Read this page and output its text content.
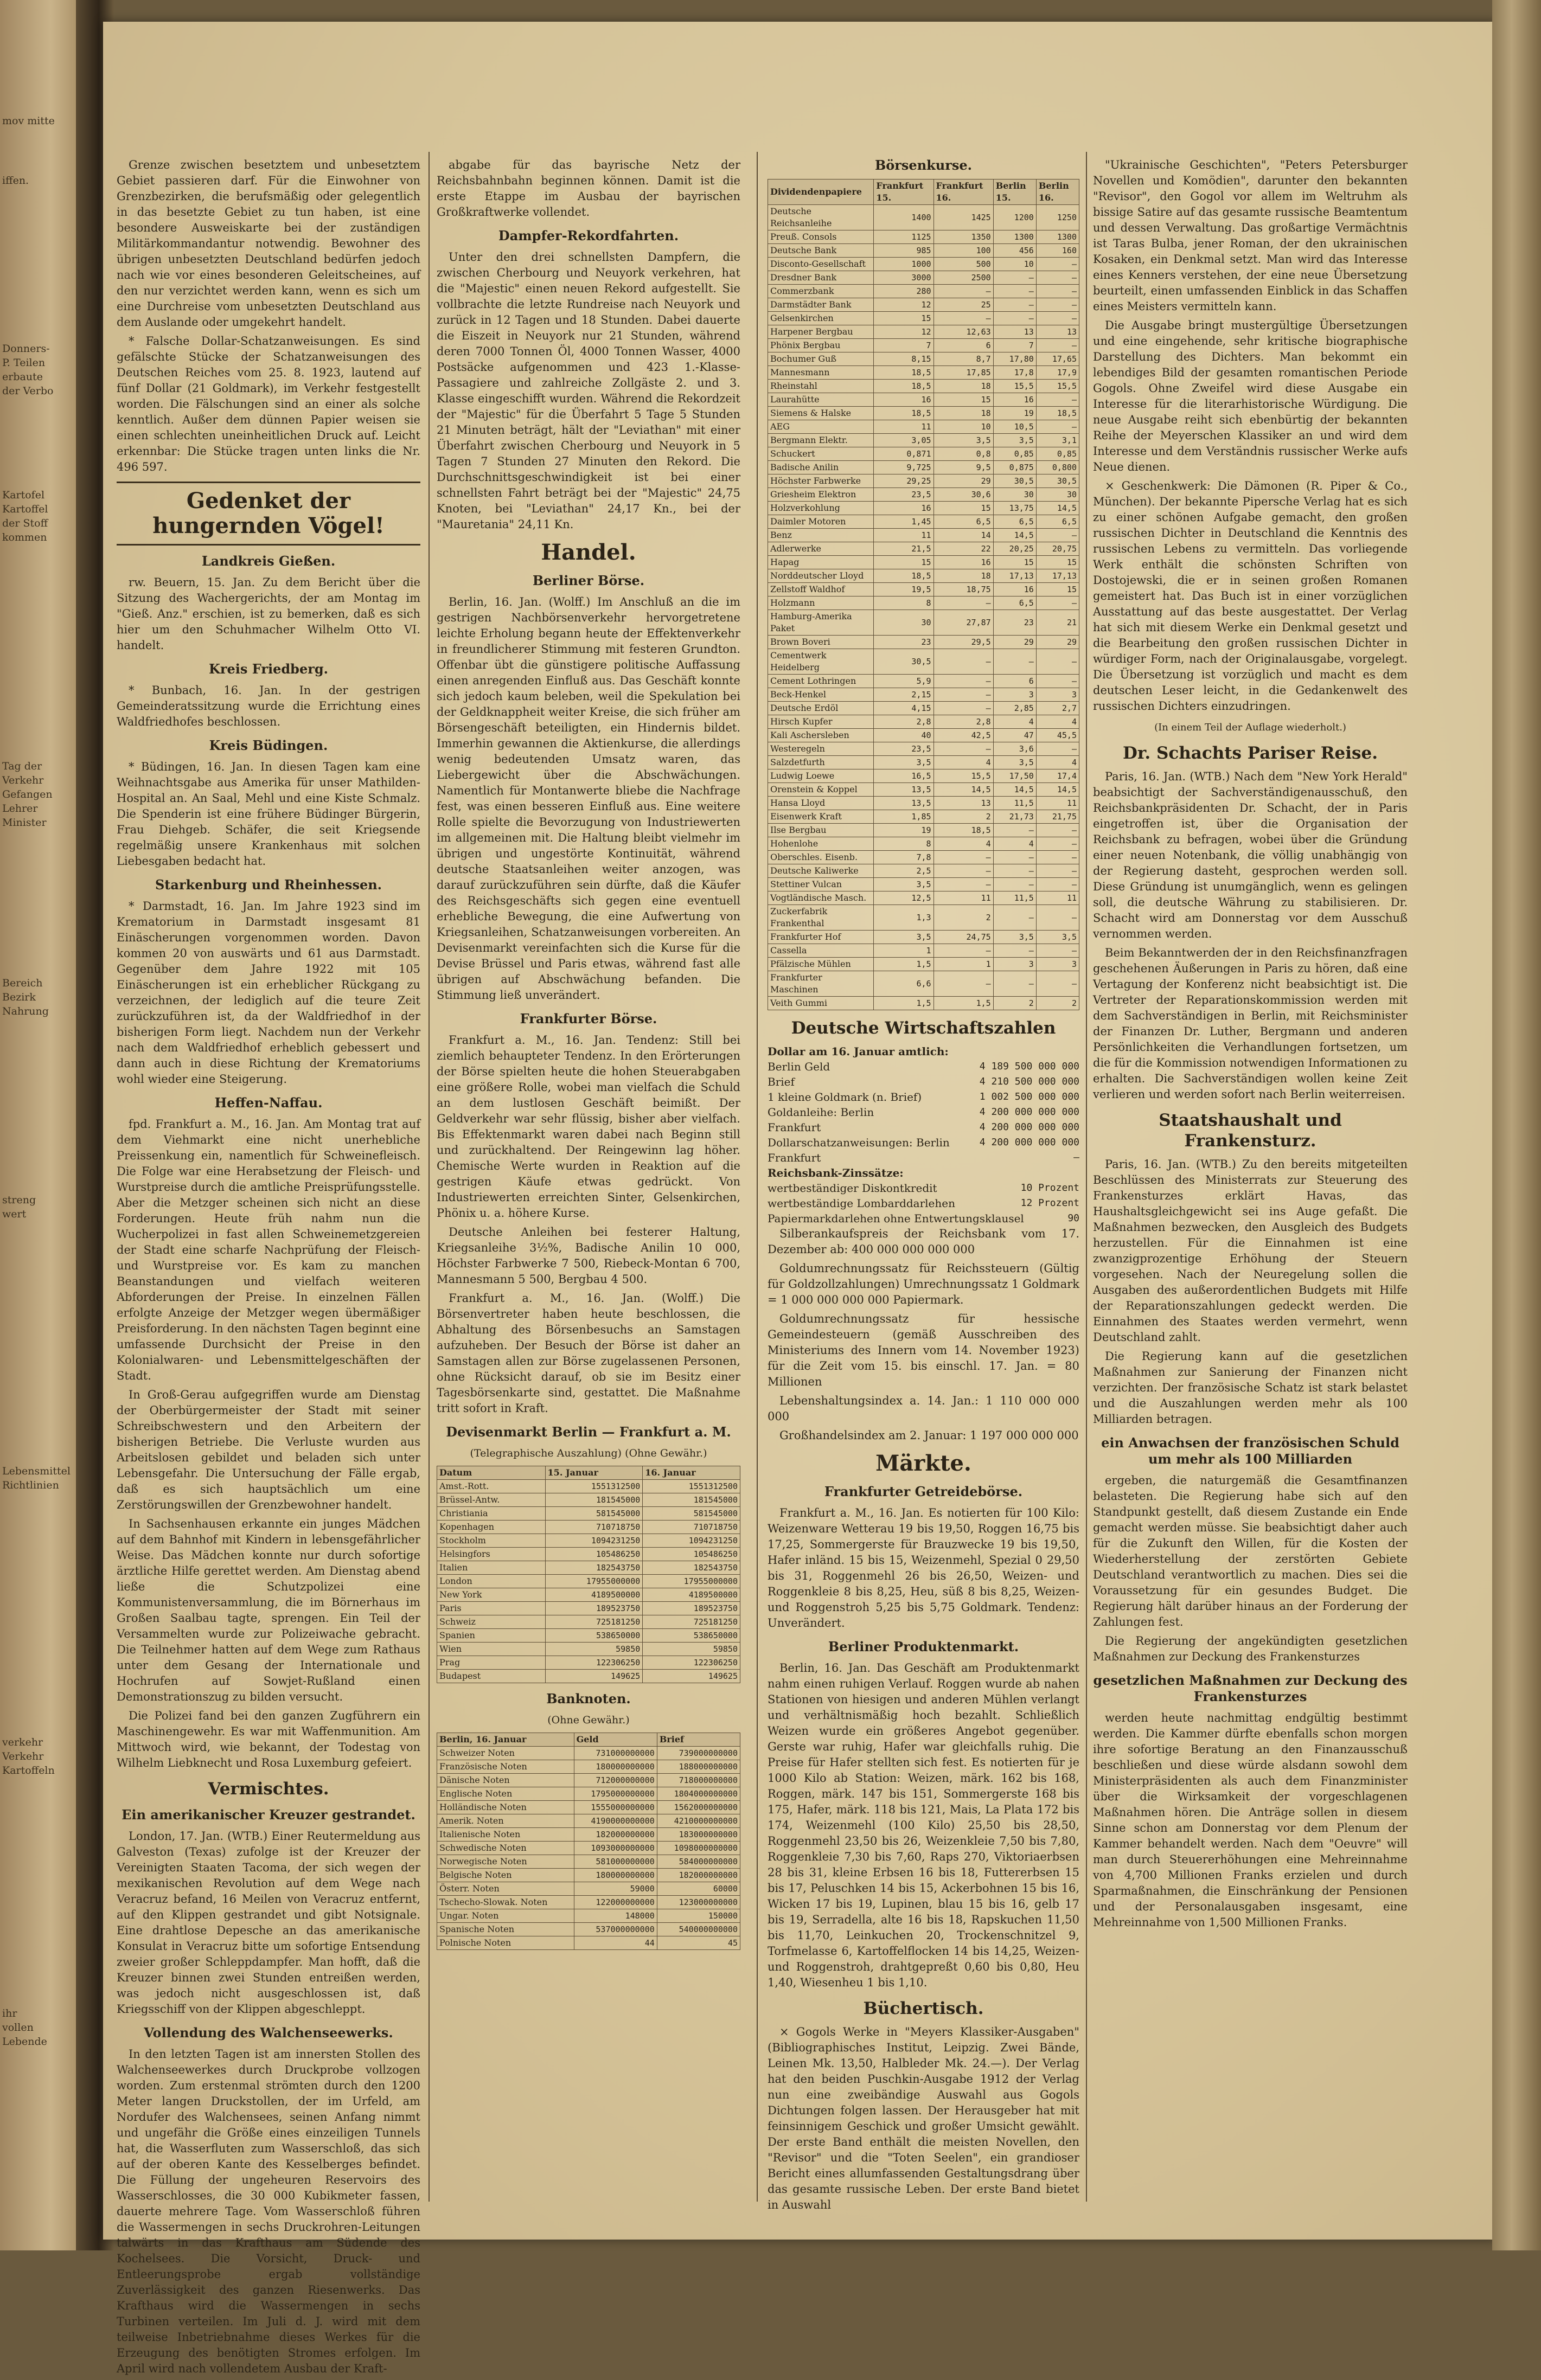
mov mitte
iffen.
Donners-
P. Teilen
erbaute
der Verbo
Kartofel
Kartoffel
der Stoff
kommen
Tag der Verkehr
Gefangen
Lehrer
Minister
Bereich
Bezirk
Nahrung
streng
wert
Lebensmittel
Richtlinien
verkehr
Verkehr
Kartoffeln
ihr
vollen
Lebende

Grenze zwischen besetztem und unbesetztem Gebiet passieren darf. Für die Einwohner von Grenzbezirken, die berufsmäßig oder gelegentlich in das besetzte Gebiet zu tun haben, ist eine besondere Ausweiskarte bei der zuständigen Militärkommandantur notwendig. Bewohner des übrigen unbesetzten Deutschland bedürfen jedoch nach wie vor eines besonderen Geleitscheines, auf den nur verzichtet werden kann, wenn es sich um eine Durchreise vom unbesetzten Deutschland aus dem Auslande oder umgekehrt handelt.

* Falsche Dollar-Schatzanweisungen. Es sind gefälschte Stücke der Schatzanweisungen des Deutschen Reiches vom 25. 8. 1923, lautend auf fünf Dollar (21 Goldmark), im Verkehr festgestellt worden. Die Fälschungen sind an einer als solche kenntlich. Außer dem dünnen Papier weisen sie einen schlechten uneinheitlichen Druck auf. Leicht erkennbar: Die Stücke tragen unten links die Nr. 496 597.

Gedenket der hungernden Vögel!
Landkreis Gießen.

rw. Beuern, 15. Jan. Zu dem Bericht über die Sitzung des Wachergerichts, der am Montag im "Gieß. Anz." erschien, ist zu bemerken, daß es sich hier um den Schuhmacher Wilhelm Otto VI. handelt.

Kreis Friedberg.

* Bunbach, 16. Jan. In der gestrigen Gemeinderatssitzung wurde die Errichtung eines Waldfriedhofes beschlossen.

Kreis Büdingen.

* Büdingen, 16. Jan. In diesen Tagen kam eine Weihnachtsgabe aus Amerika für unser Mathilden-Hospital an. An Saal, Mehl und eine Kiste Schmalz. Die Spenderin ist eine frühere Büdinger Bürgerin, Frau Diehgeb. Schäfer, die seit Kriegsende regelmäßig unsere Krankenhaus mit solchen Liebesgaben bedacht hat.

Starkenburg und Rheinhessen.

* Darmstadt, 16. Jan. Im Jahre 1923 sind im Krematorium in Darmstadt insgesamt 81 Einäscherungen vorgenommen worden. Davon kommen 20 von auswärts und 61 aus Darmstadt. Gegenüber dem Jahre 1922 mit 105 Einäscherungen ist ein erheblicher Rückgang zu verzeichnen, der lediglich auf die teure Zeit zurückzuführen ist, da der Waldfriedhof in der bisherigen Form liegt. Nachdem nun der Verkehr nach dem Waldfriedhof erheblich gebessert und dann auch in diese Richtung der Krematoriums wohl wieder eine Steigerung.

Heffen-Naffau.

fpd. Frankfurt a. M., 16. Jan. Am Montag trat auf dem Viehmarkt eine nicht unerhebliche Preissenkung ein, namentlich für Schweinefleisch. Die Folge war eine Herabsetzung der Fleisch- und Wurstpreise durch die amtliche Preisprüfungsstelle. Aber die Metzger scheinen sich nicht an diese Forderungen. Heute früh nahm nun die Wucherpolizei in fast allen Schweinemetzgereien der Stadt eine scharfe Nachprüfung der Fleisch- und Wurstpreise vor. Es kam zu manchen Beanstandungen und vielfach weiteren Abforderungen der Preise. In einzelnen Fällen erfolgte Anzeige der Metzger wegen übermäßiger Preisforderung. In den nächsten Tagen beginnt eine umfassende Durchsicht der Preise in den Kolonialwaren- und Lebensmittelgeschäften der Stadt.

In Groß-Gerau aufgegriffen wurde am Dienstag der Oberbürgermeister der Stadt mit seiner Schreibschwestern und den Arbeitern der bisherigen Betriebe. Die Verluste wurden aus Arbeitslosen gebildet und beladen sich unter Lebensgefahr. Die Untersuchung der Fälle ergab, daß es sich hauptsächlich um eine Zerstörungswillen der Grenzbewohner handelt.

In Sachsenhausen erkannte ein junges Mädchen auf dem Bahnhof mit Kindern in lebensgefährlicher Weise. Das Mädchen konnte nur durch sofortige ärztliche Hilfe gerettet werden. Am Dienstag abend ließe die Schutzpolizei eine Kommunistenversammlung, die im Börnerhaus im Großen Saalbau tagte, sprengen. Ein Teil der Versammelten wurde zur Polizeiwache gebracht. Die Teilnehmer hatten auf dem Wege zum Rathaus unter dem Gesang der Internationale und Hochrufen auf Sowjet-Rußland einen Demonstrationszug zu bilden versucht.

Die Polizei fand bei den ganzen Zugführern ein Maschinengewehr. Es war mit Waffenmunition. Am Mittwoch wird, wie bekannt, der Todestag von Wilhelm Liebknecht und Rosa Luxemburg gefeiert.

Vermischtes.
Ein amerikanischer Kreuzer gestrandet.

London, 17. Jan. (WTB.) Einer Reutermeldung aus Galveston (Texas) zufolge ist der Kreuzer der Vereinigten Staaten Tacoma, der sich wegen der mexikanischen Revolution auf dem Wege nach Veracruz befand, 16 Meilen von Veracruz entfernt, auf den Klippen gestrandet und gibt Notsignale. Eine drahtlose Depesche an das amerikanische Konsulat in Veracruz bitte um sofortige Entsendung zweier großer Schleppdampfer. Man hofft, daß die Kreuzer binnen zwei Stunden entreißen werden, was jedoch nicht ausgeschlossen ist, daß Kriegsschiff von der Klippen abgeschleppt.

Vollendung des Walchenseewerks.

In den letzten Tagen ist am innersten Stollen des Walchenseewerkes durch Druckprobe vollzogen worden. Zum erstenmal strömten durch den 1200 Meter langen Druckstollen, der im Urfeld, am Nordufer des Walchensees, seinen Anfang nimmt und ungefähr die Größe eines einzeiligen Tunnels hat, die Wasserfluten zum Wasserschloß, das sich auf der oberen Kante des Kesselberges befindet. Die Füllung der ungeheuren Reservoirs des Wasserschlosses, die 30 000 Kubikmeter fassen, dauerte mehrere Tage. Vom Wasserschloß führen die Wassermengen in sechs Druckrohren-Leitungen talwärts in das Krafthaus am Südende des Kochelsees. Die Vorsicht, Druck- und Entleerungsprobe ergab vollständige Zuverlässigkeit des ganzen Riesenwerks. Das Krafthaus wird die Wassermengen in sechs Turbinen verteilen. Im Juli d. J. wird mit dem teilweise Inbetriebnahme dieses Werkes für die Erzeugung des benötigten Stromes erfolgen. Im April wird nach vollendetem Ausbau der Kraft-

abgabe für das bayrische Netz der Reichsbahnbahn beginnen können. Damit ist die erste Etappe im Ausbau der bayrischen Großkraftwerke vollendet.

Dampfer-Rekordfahrten.

Unter den drei schnellsten Dampfern, die zwischen Cherbourg und Neuyork verkehren, hat die "Majestic" einen neuen Rekord aufgestellt. Sie vollbrachte die letzte Rundreise nach Neuyork und zurück in 12 Tagen und 18 Stunden. Dabei dauerte die Eiszeit in Neuyork nur 21 Stunden, während deren 7000 Tonnen Öl, 4000 Tonnen Wasser, 4000 Postsäcke aufgenommen und 423 1.-Klasse-Passagiere und zahlreiche Zollgäste 2. und 3. Klasse eingeschifft wurden. Während die Rekordzeit der "Majestic" für die Überfahrt 5 Tage 5 Stunden 21 Minuten beträgt, hält der "Leviathan" mit einer Überfahrt zwischen Cherbourg und Neuyork in 5 Tagen 7 Stunden 27 Minuten den Rekord. Die Durchschnittsgeschwindigkeit ist bei einer schnellsten Fahrt beträgt bei der "Majestic" 24,75 Knoten, bei "Leviathan" 24,17 Kn., bei der "Mauretania" 24,11 Kn.

Handel.
Berliner Börse.

Berlin, 16. Jan. (Wolff.) Im Anschluß an die im gestrigen Nachbörsenverkehr hervorgetretene leichte Erholung begann heute der Effektenverkehr in freundlicherer Stimmung mit festeren Grundton. Offenbar übt die günstigere politische Auffassung einen anregenden Einfluß aus. Das Geschäft konnte sich jedoch kaum beleben, weil die Spekulation bei der Geldknappheit weiter Kreise, die sich früher am Börsengeschäft beteiligten, ein Hindernis bildet. Immerhin gewannen die Aktienkurse, die allerdings wenig bedeutenden Umsatz waren, das Liebergewicht über die Abschwächungen. Namentlich für Montanwerte bliebe die Nachfrage fest, was einen besseren Einfluß aus. Eine weitere Rolle spielte die Bevorzugung von Industriewerten im allgemeinen mit. Die Haltung bleibt vielmehr im übrigen und ungestörte Kontinuität, während deutsche Staatsanleihen weiter anzogen, was darauf zurückzuführen sein dürfte, daß die Käufer des Reichsgeschäfts sich gegen eine eventuell erhebliche Bewegung, die eine Aufwertung von Kriegsanleihen, Schatzanweisungen vorbereiten. An Devisenmarkt vereinfachten sich die Kurse für die Devise Brüssel und Paris etwas, während fast alle übrigen auf Abschwächung befanden. Die Stimmung ließ unverändert.

Frankfurter Börse.

Frankfurt a. M., 16. Jan. Tendenz: Still bei ziemlich behaupteter Tendenz. In den Erörterungen der Börse spielten heute die hohen Steuerabgaben eine größere Rolle, wobei man vielfach die Schuld an dem lustlosen Geschäft beimißt. Der Geldverkehr war sehr flüssig, bisher aber vielfach. Bis Effektenmarkt waren dabei nach Beginn still und zurückhaltend. Der Reingewinn lag höher. Chemische Werte wurden in Reaktion auf die gestrigen Käufe etwas gedrückt. Von Industriewerten erreichten Sinter, Gelsenkirchen, Phönix u. a. höhere Kurse.

Deutsche Anleihen bei festerer Haltung, Kriegsanleihe 3½%, Badische Anilin 10 000, Höchster Farbwerke 7 500, Riebeck-Montan 6 700, Mannesmann 5 500, Bergbau 4 500.

Frankfurt a. M., 16. Jan. (Wolff.) Die Börsenvertreter haben heute beschlossen, die Abhaltung des Börsenbesuchs an Samstagen aufzuheben. Der Besuch der Börse ist daher an Samstagen allen zur Börse zugelassenen Personen, ohne Rücksicht darauf, ob sie im Besitz einer Tagesbörsenkarte sind, gestattet. Die Maßnahme tritt sofort in Kraft.

Devisenmarkt Berlin — Frankfurt a. M.
(Telegraphische Auszahlung) (Ohne Gewähr.)
Datum	15. Januar	16. Januar
Amst.-Rott.	1551312500	1551312500
Brüssel-Antw.	181545000	181545000
Christiania	581545000	581545000
Kopenhagen	710718750	710718750
Stockholm	1094231250	1094231250
Helsingfors	105486250	105486250
Italien	182543750	182543750
London	17955000000	17955000000
New York	4189500000	4189500000
Paris	189523750	189523750
Schweiz	725181250	725181250
Spanien	538650000	538650000
Wien	59850	59850
Prag	122306250	122306250
Budapest	149625	149625
Banknoten.
(Ohne Gewähr.)
Berlin, 16. Januar	Geld	Brief
Schweizer Noten	731000000000	739000000000
Französische Noten	180000000000	188000000000
Dänische Noten	712000000000	718000000000
Englische Noten	1795000000000	1804000000000
Holländische Noten	1555000000000	1562000000000
Amerik. Noten	4190000000000	4210000000000
Italienische Noten	182000000000	183000000000
Schwedische Noten	1093000000000	1098000000000
Norwegische Noten	581000000000	584000000000
Belgische Noten	180000000000	182000000000
Österr. Noten	59000	60000
Tschecho-Slowak. Noten	122000000000	123000000000
Ungar. Noten	148000	150000
Spanische Noten	537000000000	540000000000
Polnische Noten	44	45
Börsenkurse.
Dividendenpapiere	Frankfurt 15.	Frankfurt 16.	Berlin 15.	Berlin 16.
Deutsche Reichsanleihe	1400	1425	1200	1250
Preuß. Consols	1125	1350	1300	1300
Deutsche Bank	985	100	456	160
Disconto-Gesellschaft	1000	500	10	—
Dresdner Bank	3000	2500	—	—
Commerzbank	280	—	—	—
Darmstädter Bank	12	25	—	—
Gelsenkirchen	15	—	—	—
Harpener Bergbau	12	12,63	13	13
Phönix Bergbau	7	6	7	—
Bochumer Guß	8,15	8,7	17,80	17,65
Mannesmann	18,5	17,85	17,8	17,9
Rheinstahl	18,5	18	15,5	15,5
Laurahütte	16	15	16	—
Siemens & Halske	18,5	18	19	18,5
AEG	11	10	10,5	—
Bergmann Elektr.	3,05	3,5	3,5	3,1
Schuckert	0,871	0,8	0,85	0,85
Badische Anilin	9,725	9,5	0,875	0,800
Höchster Farbwerke	29,25	29	30,5	30,5
Griesheim Elektron	23,5	30,6	30	30
Holzverkohlung	16	15	13,75	14,5
Daimler Motoren	1,45	6,5	6,5	6,5
Benz	11	14	14,5	—
Adlerwerke	21,5	22	20,25	20,75
Hapag	15	16	15	15
Norddeutscher Lloyd	18,5	18	17,13	17,13
Zellstoff Waldhof	19,5	18,75	16	15
Holzmann	8	—	6,5	—
Hamburg-Amerika Paket	30	27,87	23	21
Brown Boveri	23	29,5	29	29
Cementwerk Heidelberg	30,5	—	—	—
Cement Lothringen	5,9	—	6	—
Beck-Henkel	2,15	—	3	3
Deutsche Erdöl	4,15	—	2,85	2,7
Hirsch Kupfer	2,8	2,8	4	4
Kali Aschersleben	40	42,5	47	45,5
Westeregeln	23,5	—	3,6	—
Salzdetfurth	3,5	4	3,5	4
Ludwig Loewe	16,5	15,5	17,50	17,4
Orenstein & Koppel	13,5	14,5	14,5	14,5
Hansa Lloyd	13,5	13	11,5	11
Eisenwerk Kraft	1,85	2	21,73	21,75
Ilse Bergbau	19	18,5	—	—
Hohenlohe	8	4	4	—
Oberschles. Eisenb.	7,8	—	—	—
Deutsche Kaliwerke	2,5	—	—	—
Stettiner Vulcan	3,5	—	—	—
Vogtländische Masch.	12,5	11	11,5	11
Zuckerfabrik Frankenthal	1,3	2	—	—
Frankfurter Hof	3,5	24,75	3,5	3,5
Cassella	1	—	—	—
Pfälzische Mühlen	1,5	1	3	3
Frankfurter Maschinen	6,6	—	—	—
Veith Gummi	1,5	1,5	2	2
Deutsche Wirtschaftszahlen
Dollar am 16. Januar amtlich:
Berlin Geld	4 189 500 000 000
Brief	4 210 500 000 000
1 kleine Goldmark (n. Brief)	1 002 500 000 000
Goldanleihe: Berlin	4 200 000 000 000
Frankfurt	4 200 000 000 000
Dollarschatzanweisungen: Berlin	4 200 000 000 000
Frankfurt	—
Reichsbank-Zinssätze:
wertbeständiger Diskontkredit	10 Prozent
wertbeständige Lombarddarlehen	12 Prozent
Papiermarkdarlehen ohne Entwertungsklausel	90

Silberankaufspreis der Reichsbank vom 17. Dezember ab: 400 000 000 000 000

Goldumrechnungssatz für Reichssteuern (Gültig für Goldzollzahlungen) Umrechnungssatz 1 Goldmark = 1 000 000 000 000 Papiermark.

Goldumrechnungssatz für hessische Gemeindesteuern (gemäß Ausschreiben des Ministeriums des Innern vom 14. November 1923) für die Zeit vom 15. bis einschl. 17. Jan. = 80 Millionen

Lebenshaltungsindex a. 14. Jan.: 1 110 000 000 000

Großhandelsindex am 2. Januar: 1 197 000 000 000

Märkte.
Frankfurter Getreidebörse.

Frankfurt a. M., 16. Jan. Es notierten für 100 Kilo: Weizenware Wetterau 19 bis 19,50, Roggen 16,75 bis 17,25, Sommergerste für Brauzwecke 19 bis 19,50, Hafer inländ. 15 bis 15, Weizenmehl, Spezial 0 29,50 bis 31, Roggenmehl 26 bis 26,50, Weizen- und Roggenkleie 8 bis 8,25, Heu, süß 8 bis 8,25, Weizen- und Roggenstroh 5,25 bis 5,75 Goldmark. Tendenz: Unverändert.

Berliner Produktenmarkt.

Berlin, 16. Jan. Das Geschäft am Produktenmarkt nahm einen ruhigen Verlauf. Roggen wurde ab nahen Stationen von hiesigen und anderen Mühlen verlangt und verhältnismäßig hoch bezahlt. Schließlich Weizen wurde ein größeres Angebot gegenüber. Gerste war ruhig, Hafer war gleichfalls ruhig. Die Preise für Hafer stellten sich fest. Es notierten für je 1000 Kilo ab Station: Weizen, märk. 162 bis 168, Roggen, märk. 147 bis 151, Sommergerste 168 bis 175, Hafer, märk. 118 bis 121, Mais, La Plata 172 bis 174, Weizenmehl (100 Kilo) 25,50 bis 28,50, Roggenmehl 23,50 bis 26, Weizenkleie 7,50 bis 7,80, Roggenkleie 7,30 bis 7,60, Raps 270, Viktoriaerbsen 28 bis 31, kleine Erbsen 16 bis 18, Futtererbsen 15 bis 17, Peluschken 14 bis 15, Ackerbohnen 15 bis 16, Wicken 17 bis 19, Lupinen, blau 15 bis 16, gelb 17 bis 19, Serradella, alte 16 bis 18, Rapskuchen 11,50 bis 11,70, Leinkuchen 20, Trockenschnitzel 9, Torfmelasse 6, Kartoffelflocken 14 bis 14,25, Weizen- und Roggenstroh, drahtgepreßt 0,60 bis 0,80, Heu 1,40, Wiesenheu 1 bis 1,10.

Büchertisch.

× Gogols Werke in "Meyers Klassiker-Ausgaben" (Bibliographisches Institut, Leipzig. Zwei Bände, Leinen Mk. 13,50, Halbleder Mk. 24.—). Der Verlag hat den beiden Puschkin-Ausgabe 1912 der Verlag nun eine zweibändige Auswahl aus Gogols Dichtungen folgen lassen. Der Herausgeber hat mit feinsinnigem Geschick und großer Umsicht gewählt. Der erste Band enthält die meisten Novellen, den "Revisor" und die "Toten Seelen", ein grandioser Bericht eines allumfassenden Gestaltungsdrang über das gesamte russische Leben. Der erste Band bietet in Auswahl

"Ukrainische Geschichten", "Peters Petersburger Novellen und Komödien", darunter den bekannten "Revisor", den Gogol vor allem im Weltruhm als bissige Satire auf das gesamte russische Beamtentum und dessen Verwaltung. Das großartige Vermächtnis ist Taras Bulba, jener Roman, der den ukrainischen Kosaken, ein Denkmal setzt. Man wird das Interesse eines Kenners verstehen, der eine neue Übersetzung beurteilt, einen umfassenden Einblick in das Schaffen eines Meisters vermitteln kann.

Die Ausgabe bringt mustergültige Übersetzungen und eine eingehende, sehr kritische biographische Darstellung des Dichters. Man bekommt ein lebendiges Bild der gesamten romantischen Periode Gogols. Ohne Zweifel wird diese Ausgabe ein Interesse für die literarhistorische Würdigung. Die neue Ausgabe reiht sich ebenbürtig der bekannten Reihe der Meyerschen Klassiker an und wird dem Interesse und dem Verständnis russischer Werke aufs Neue dienen.

× Geschenkwerk: Die Dämonen (R. Piper & Co., München). Der bekannte Pipersche Verlag hat es sich zu einer schönen Aufgabe gemacht, den großen russischen Dichter in Deutschland die Kenntnis des russischen Lebens zu vermitteln. Das vorliegende Werk enthält die schönsten Schriften von Dostojewski, die er in seinen großen Romanen gemeistert hat. Das Buch ist in einer vorzüglichen Ausstattung auf das beste ausgestattet. Der Verlag hat sich mit diesem Werke ein Denkmal gesetzt und die Bearbeitung den großen russischen Dichter in würdiger Form, nach der Originalausgabe, vorgelegt. Die Übersetzung ist vorzüglich und macht es dem deutschen Leser leicht, in die Gedankenwelt des russischen Dichters einzudringen.

(In einem Teil der Auflage wiederholt.)
Dr. Schachts Pariser Reise.

Paris, 16. Jan. (WTB.) Nach dem "New York Herald" beabsichtigt der Sachverständigenausschuß, den Reichsbankpräsidenten Dr. Schacht, der in Paris eingetroffen ist, über die Organisation der Reichsbank zu befragen, wobei über die Gründung einer neuen Notenbank, die völlig unabhängig von der Regierung dasteht, gesprochen werden soll. Diese Gründung ist unumgänglich, wenn es gelingen soll, die deutsche Währung zu stabilisieren. Dr. Schacht wird am Donnerstag vor dem Ausschuß vernommen werden.

Beim Bekanntwerden der in den Reichsfinanzfragen geschehenen Äußerungen in Paris zu hören, daß eine Vertagung der Konferenz nicht beabsichtigt ist. Die Vertreter der Reparationskommission werden mit dem Sachverständigen in Berlin, mit Reichsminister der Finanzen Dr. Luther, Bergmann und anderen Persönlichkeiten die Verhandlungen fortsetzen, um die für die Kommission notwendigen Informationen zu erhalten. Die Sachverständigen wollen keine Zeit verlieren und werden sofort nach Berlin weiterreisen.

Staatshaushalt und Frankensturz.

Paris, 16. Jan. (WTB.) Zu den bereits mitgeteilten Beschlüssen des Ministerrats zur Steuerung des Frankensturzes erklärt Havas, das Haushaltsgleichgewicht sei ins Auge gefaßt. Die Maßnahmen bezwecken, den Ausgleich des Budgets herzustellen. Für die Einnahmen ist eine zwanzigprozentige Erhöhung der Steuern vorgesehen. Nach der Neuregelung sollen die Ausgaben des außerordentlichen Budgets mit Hilfe der Reparationszahlungen gedeckt werden. Die Einnahmen des Staates werden vermehrt, wenn Deutschland zahlt.

Die Regierung kann auf die gesetzlichen Maßnahmen zur Sanierung der Finanzen nicht verzichten. Der französische Schatz ist stark belastet und die Auszahlungen werden mehr als 100 Milliarden betragen.

ein Anwachsen der französischen Schuld um mehr als 100 Milliarden

ergeben, die naturgemäß die Gesamtfinanzen belasteten. Die Regierung habe sich auf den Standpunkt gestellt, daß diesem Zustande ein Ende gemacht werden müsse. Sie beabsichtigt daher auch für die Zukunft den Willen, für die Kosten der Wiederherstellung der zerstörten Gebiete Deutschland verantwortlich zu machen. Dies sei die Voraussetzung für ein gesundes Budget. Die Regierung hält darüber hinaus an der Forderung der Zahlungen fest.

Die Regierung der angekündigten gesetzlichen Maßnahmen zur Deckung des Frankensturzes

gesetzlichen Maßnahmen zur Deckung des Frankensturzes

werden heute nachmittag endgültig bestimmt werden. Die Kammer dürfte ebenfalls schon morgen ihre sofortige Beratung an den Finanzausschuß beschließen und diese würde alsdann sowohl dem Ministerpräsidenten als auch dem Finanzminister über die Wirksamkeit der vorgeschlagenen Maßnahmen hören. Die Anträge sollen in diesem Sinne schon am Donnerstag vor dem Plenum der Kammer behandelt werden. Nach dem "Oeuvre" will man durch Steuererhöhungen eine Mehreinnahme von 4,700 Millionen Franks erzielen und durch Sparmaßnahmen, die Einschränkung der Pensionen und der Personalausgaben insgesamt, eine Mehreinnahme von 1,500 Millionen Franks.
